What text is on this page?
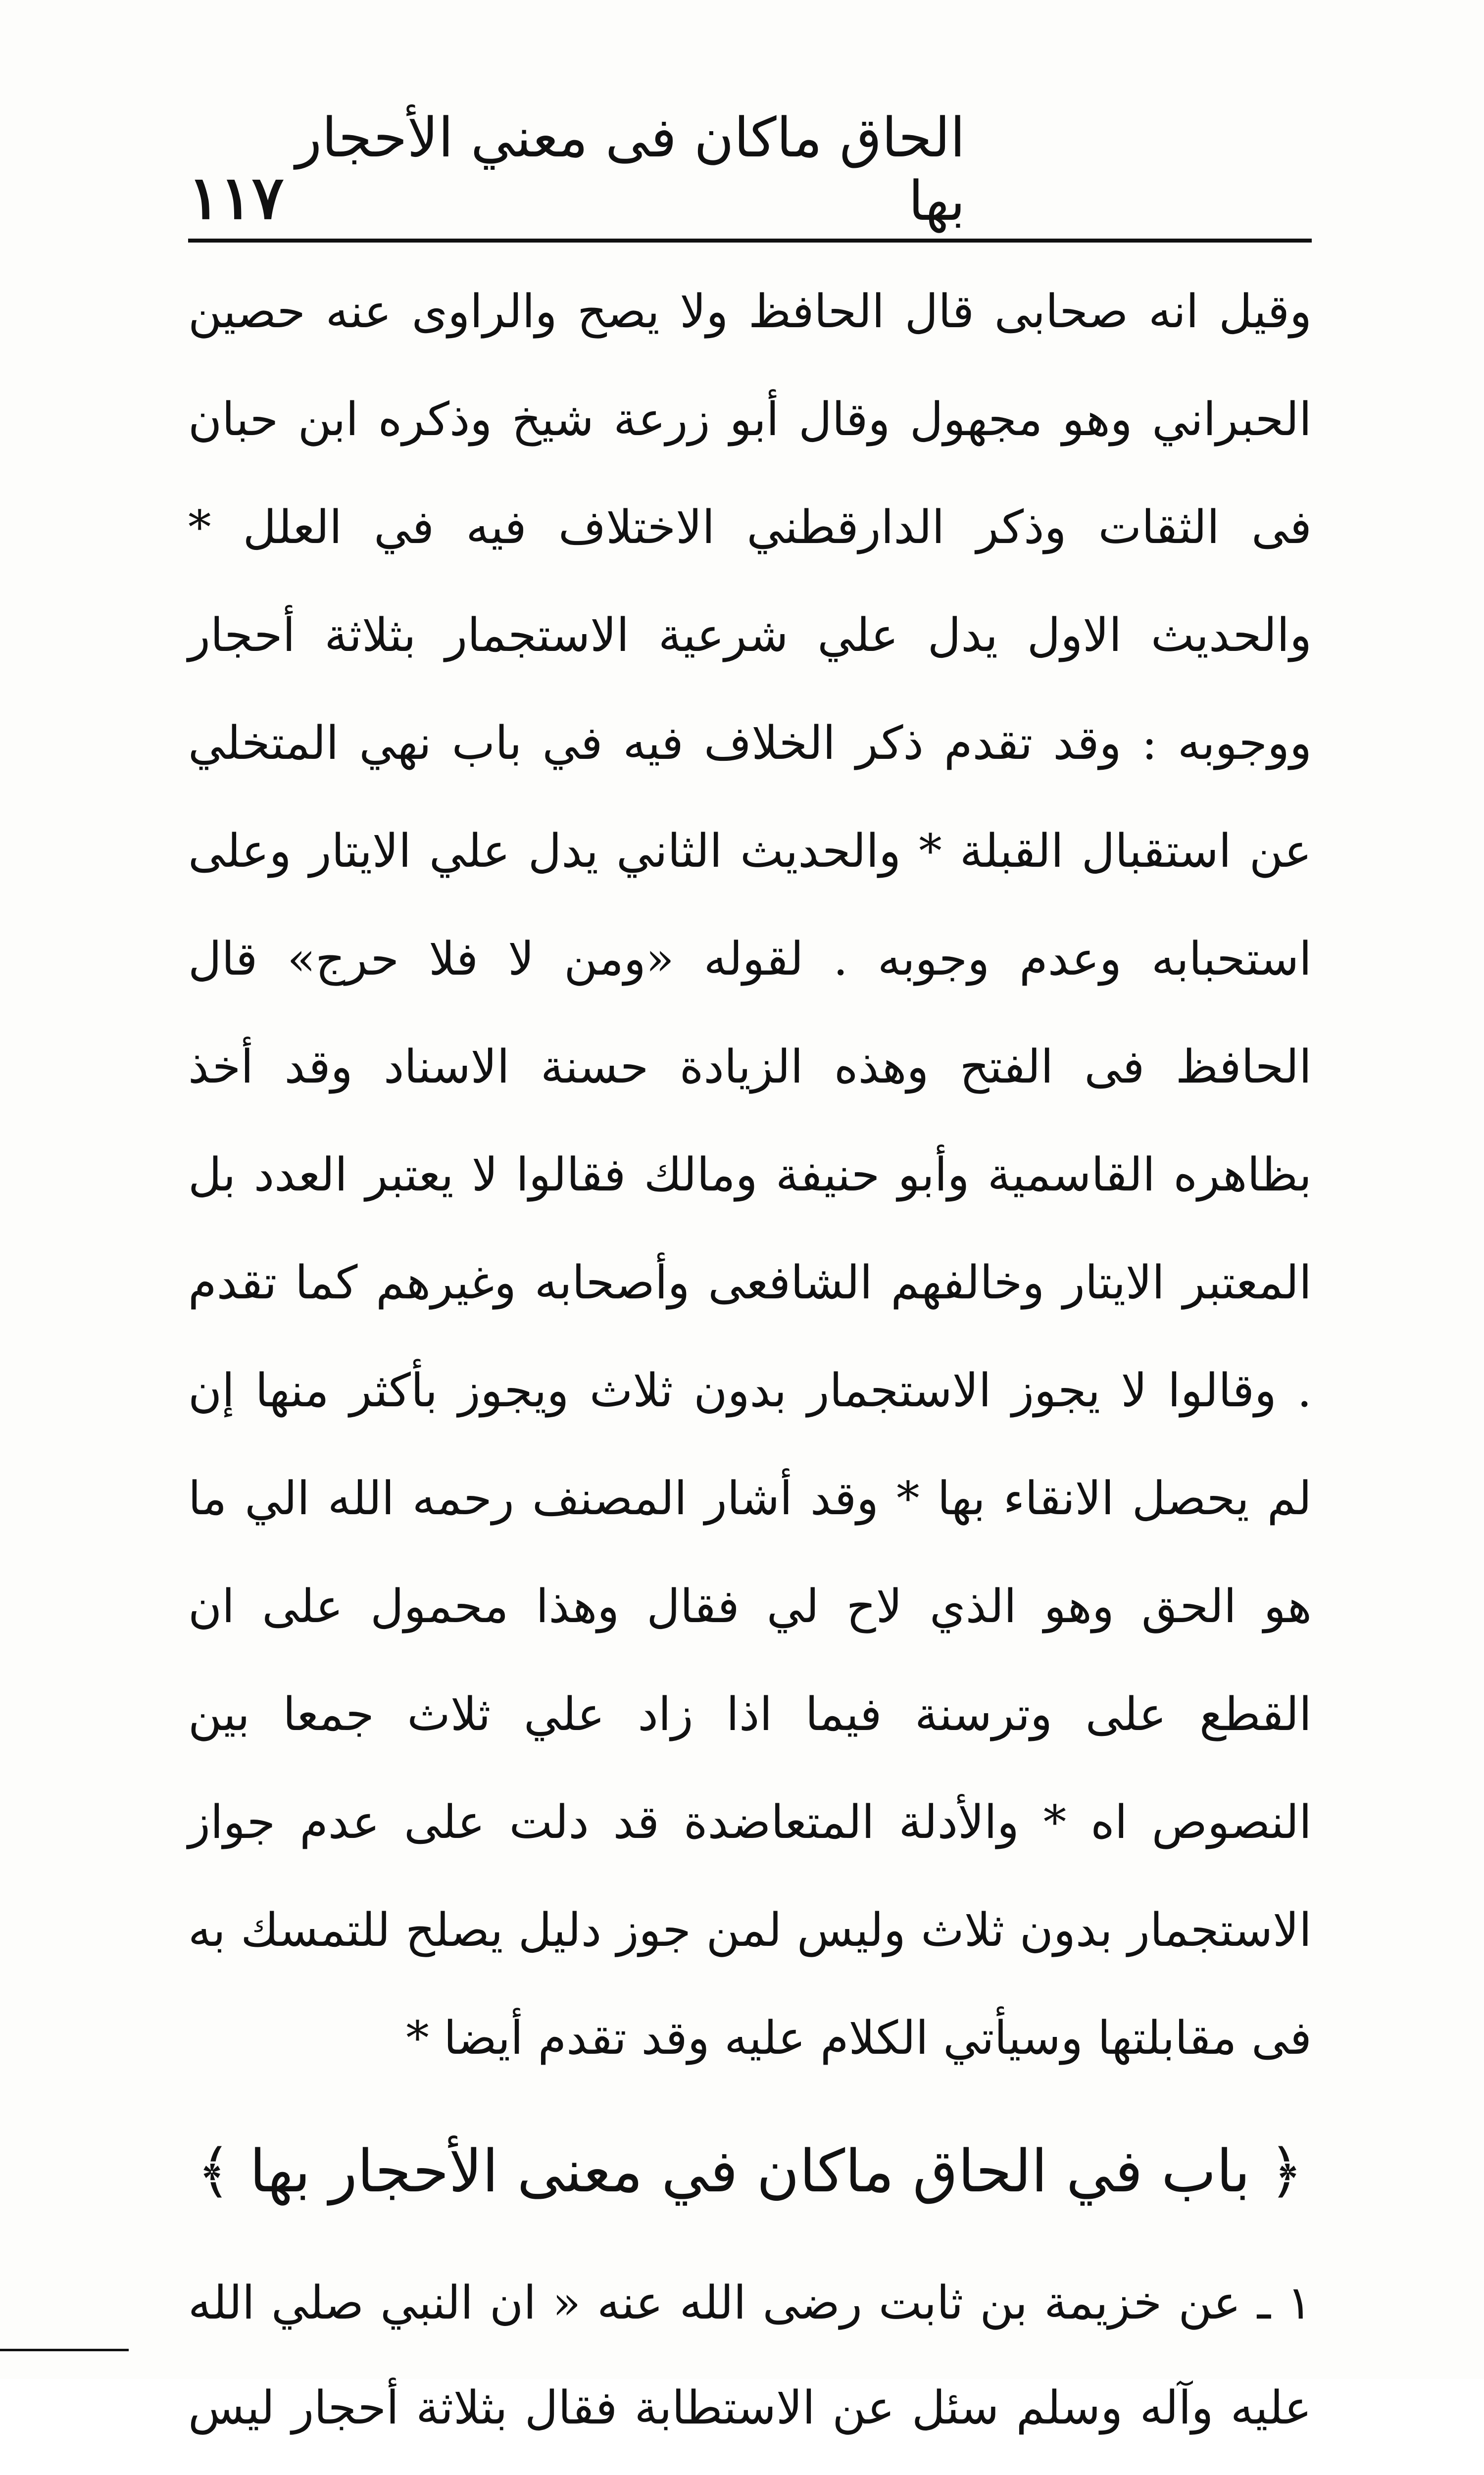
الحاق ماكان فى معني الأحجار بها
١١٧

وقيل انه صحابى قال الحافظ ولا يصح والراوى عنه حصين الحبراني وهو مجهول وقال أبو زرعة شيخ وذكره ابن حبان فى الثقات وذكر الدارقطني الاختلاف فيه في العلل * والحديث الاول يدل علي شرعية الاستجمار بثلاثة أحجار ووجوبه : وقد تقدم ذكر الخلاف فيه في باب نهي المتخلي عن استقبال القبلة * والحديث الثاني يدل علي الايتار وعلى استحبابه وعدم وجوبه . لقوله «ومن لا فلا حرج» قال الحافظ فى الفتح وهذه الزيادة حسنة الاسناد وقد أخذ بظاهره القاسمية وأبو حنيفة ومالك فقالوا لا يعتبر العدد بل المعتبر الايتار وخالفهم الشافعى وأصحابه وغيرهم كما تقدم . وقالوا لا يجوز الاستجمار بدون ثلاث ويجوز بأكثر منها إن لم يحصل الانقاء بها * وقد أشار المصنف رحمه الله الي ما هو الحق وهو الذي لاح لي فقال وهذا محمول على ان القطع على وترسنة فيما اذا زاد علي ثلاث جمعا بين النصوص اه * والأدلة المتعاضدة قد دلت على عدم جواز الاستجمار بدون ثلاث وليس لمن جوز دليل يصلح للتمسك به فى مقابلتها وسيأتي الكلام عليه وقد تقدم أيضا *

﴿ باب في الحاق ماكان في معنى الأحجار بها ﴾

١ ـ عن خزيمة بن ثابت رضى الله عنه « ان النبي صلي الله عليه وآله وسلم سئل عن الاستطابة فقال بثلاثة أحجار ليس
